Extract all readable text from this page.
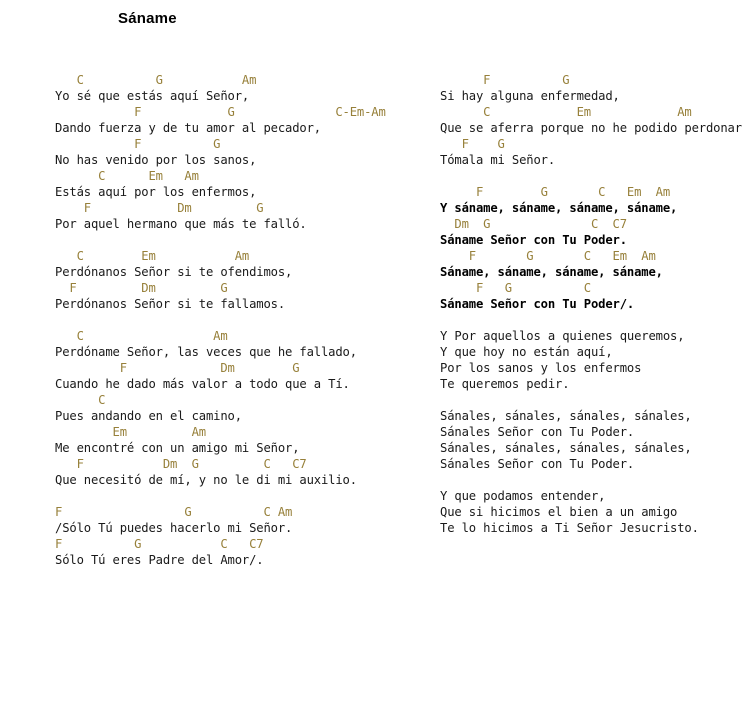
Sáname
C          G           Am
Yo sé que estás aquí Señor,
F            G              C-Em-Am
Dando fuerza y de tu amor al pecador,
F          G
No has venido por los sanos,
C      Em   Am
Estás aquí por los enfermos,
F            Dm         G
Por aquel hermano que más te falló.
C        Em           Am
Perdónanos Señor si te ofendimos,
F         Dm         G
Perdónanos Señor si te fallamos.
C                  Am
Perdóname Señor, las veces que he fallado,
F             Dm        G
Cuando he dado más valor a todo que a Tí.
C
Pues andando en el camino,
Em         Am
Me encontré con un amigo mi Señor,
F           Dm  G         C   C7
Que necesitó de mí, y no le di mi auxilio.
F                 G          C Am
/Sólo Tú puedes hacerlo mi Señor.
F          G           C   C7
Sólo Tú eres Padre del Amor/.
F          G
Si hay alguna enfermedad,
C            Em            Am
Que se aferra porque no he podido perdonar
F    G
Tómala mi Señor.
F        G       C   Em  Am
Y sáname, sáname, sáname, sáname,
Dm  G              C  C7
Sáname Señor con Tu Poder.
F       G       C   Em  Am
Sáname, sáname, sáname, sáname,
F   G          C
Sáname Señor con Tu Poder/.
Y Por aquellos a quienes queremos,
Y que hoy no están aquí,
Por los sanos y los enfermos
Te queremos pedir.
Sánales, sánales, sánales, sánales,
Sánales Señor con Tu Poder.
Sánales, sánales, sánales, sánales,
Sánales Señor con Tu Poder.
Y que podamos entender,
Que si hicimos el bien a un amigo
Te lo hicimos a Ti Señor Jesucristo.
